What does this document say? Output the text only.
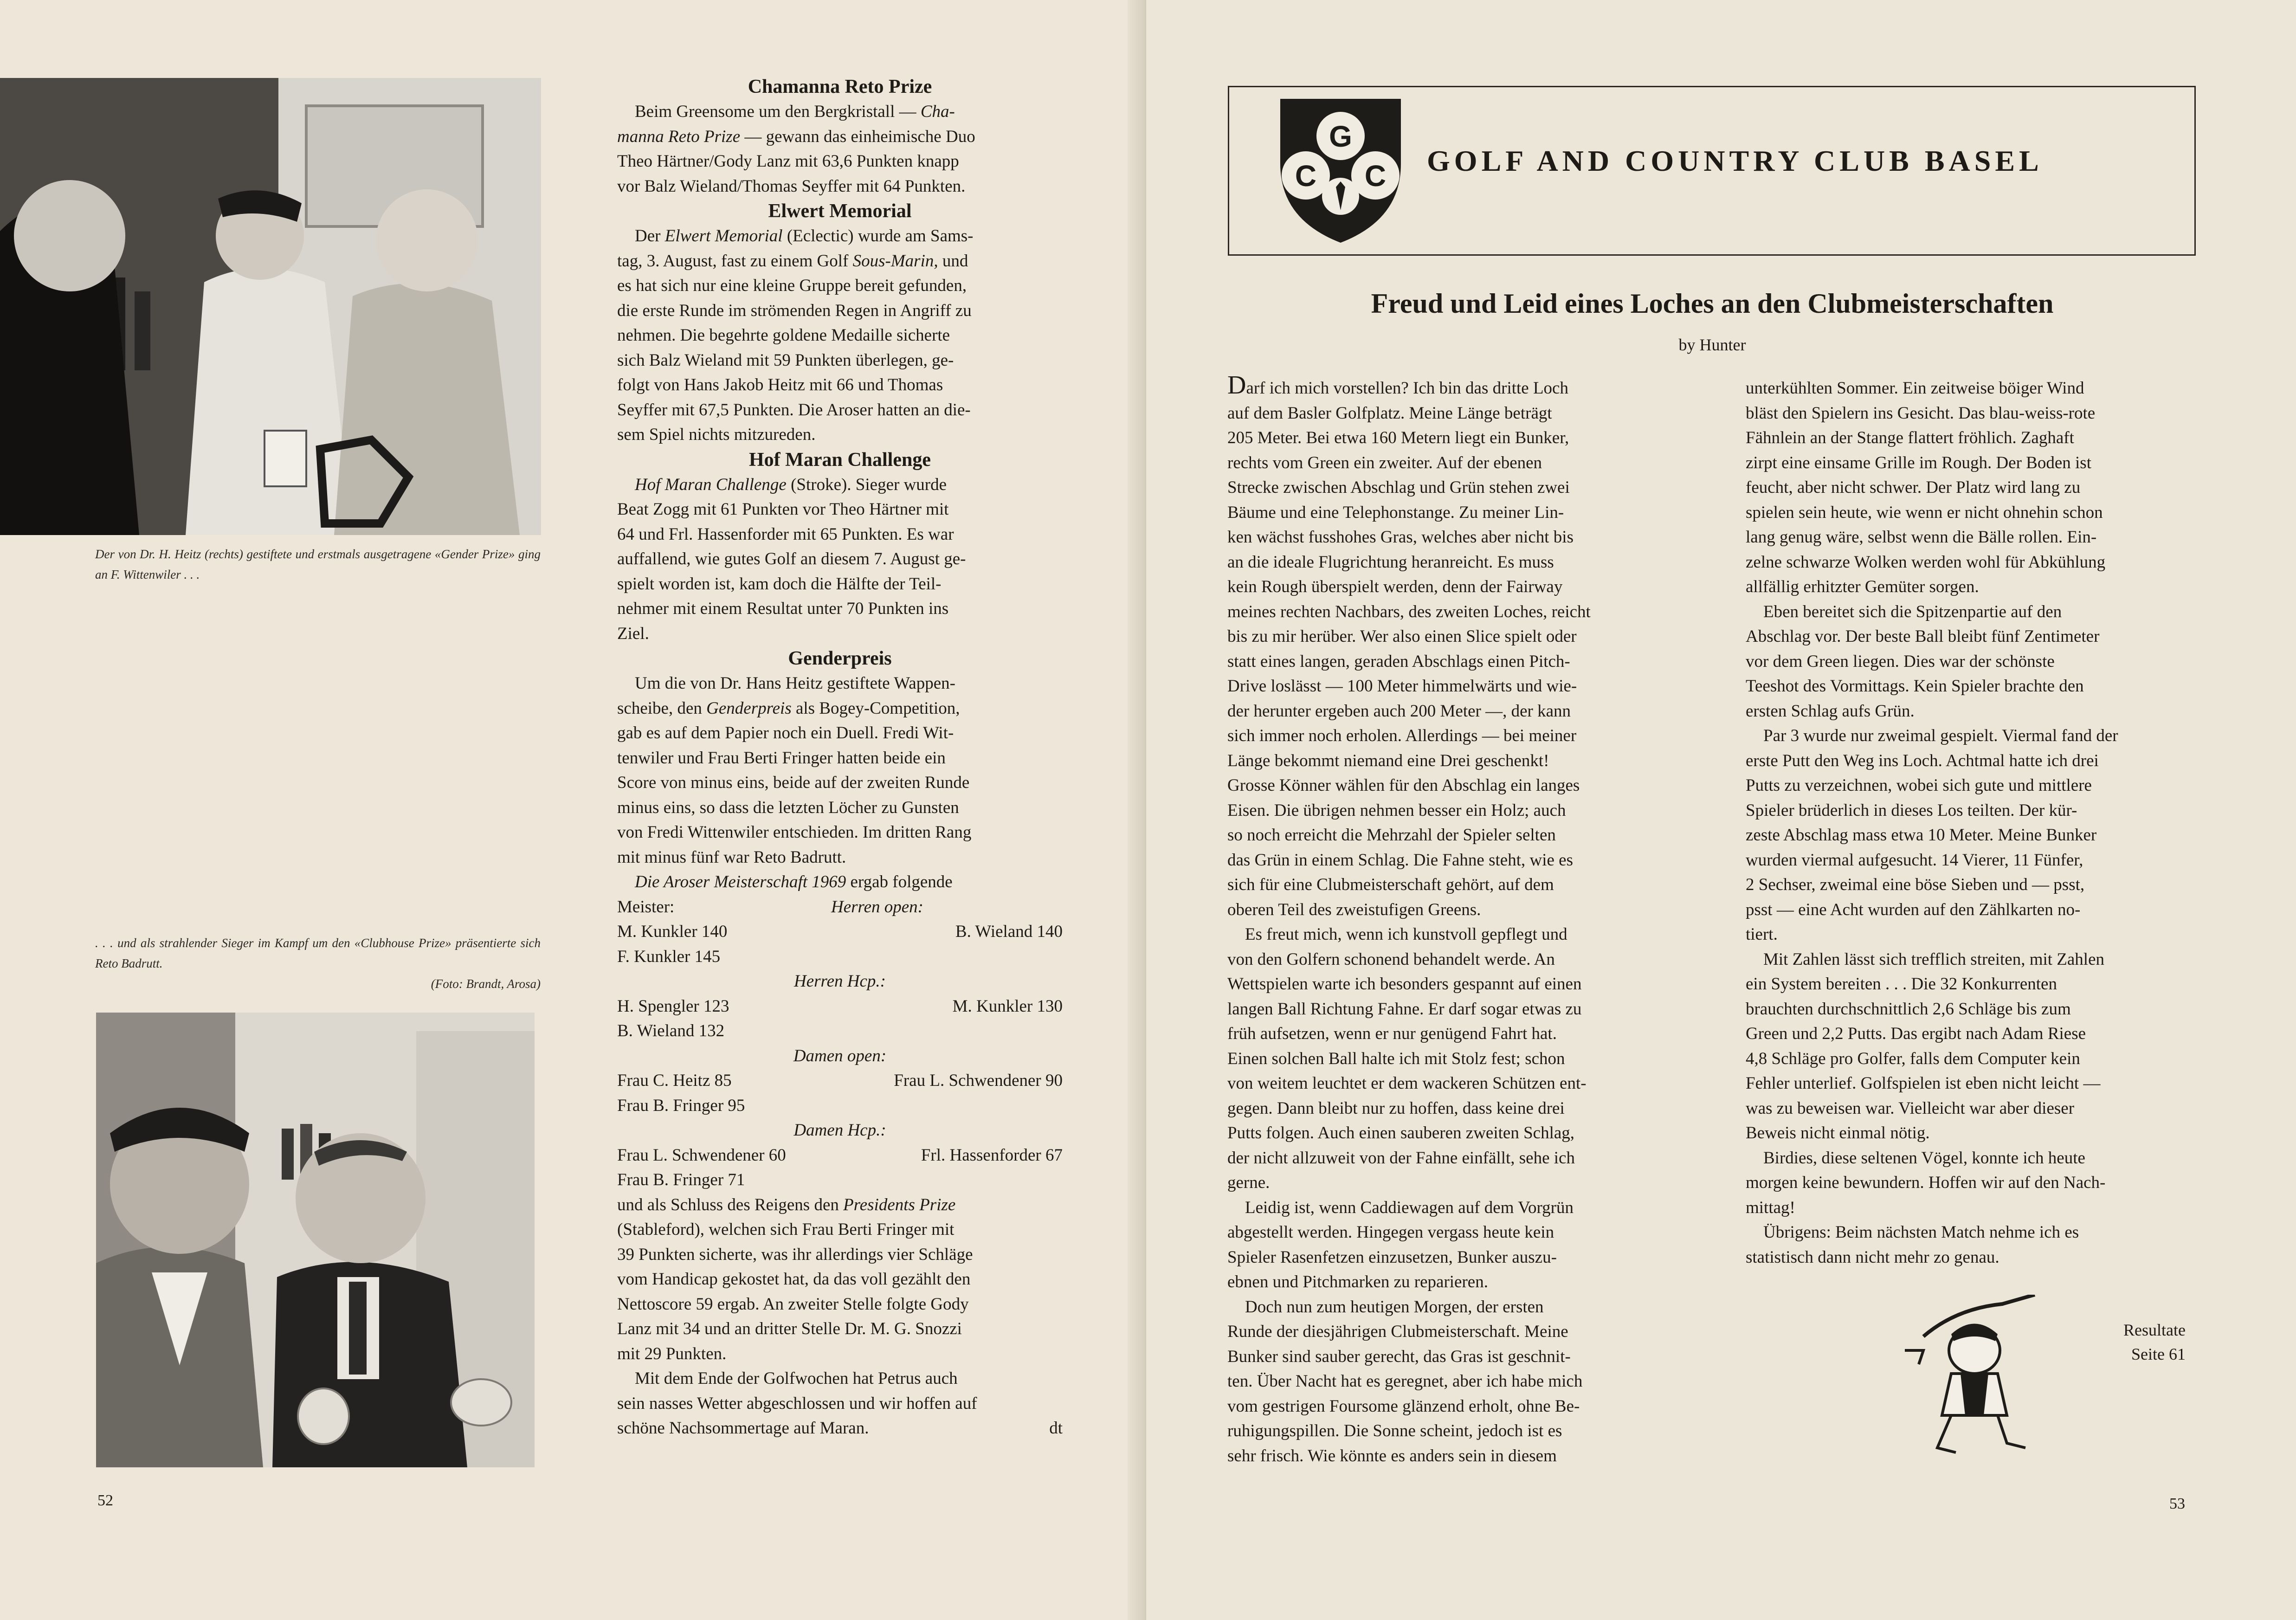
Der von Dr. H. Heitz (rechts) gestiftete und erstmals ausgetragene «Gender Prize» ging an F. Wittenwiler . . .
. . . und als strahlender Sieger im Kampf um den «Clubhouse Prize» präsentierte sich Reto Badrutt.
(Foto: Brandt, Arosa)
52
Chamanna Reto Prize

Beim Greensome um den Bergkristall — Cha-

manna Reto Prize — gewann das einheimische Duo

Theo Härtner/Gody Lanz mit 63,6 Punkten knapp

vor Balz Wieland/Thomas Seyffer mit 64 Punkten.

Elwert Memorial

Der Elwert Memorial (Eclectic) wurde am Sams-

tag, 3. August, fast zu einem Golf Sous-Marin, und

es hat sich nur eine kleine Gruppe bereit gefunden,

die erste Runde im strömenden Regen in Angriff zu

nehmen. Die begehrte goldene Medaille sicherte

sich Balz Wieland mit 59 Punkten überlegen, ge-

folgt von Hans Jakob Heitz mit 66 und Thomas

Seyffer mit 67,5 Punkten. Die Aroser hatten an die-

sem Spiel nichts mitzureden.

Hof Maran Challenge

Hof Maran Challenge (Stroke). Sieger wurde

Beat Zogg mit 61 Punkten vor Theo Härtner mit

64 und Frl. Hassenforder mit 65 Punkten. Es war

auffallend, wie gutes Golf an diesem 7. August ge-

spielt worden ist, kam doch die Hälfte der Teil-

nehmer mit einem Resultat unter 70 Punkten ins

Ziel.

Genderpreis

Um die von Dr. Hans Heitz gestiftete Wappen-

scheibe, den Genderpreis als Bogey-Competition,

gab es auf dem Papier noch ein Duell. Fredi Wit-

tenwiler und Frau Berti Fringer hatten beide ein

Score von minus eins, beide auf der zweiten Runde

minus eins, so dass die letzten Löcher zu Gunsten

von Fredi Wittenwiler entschieden. Im dritten Rang

mit minus fünf war Reto Badrutt.

Die Aroser Meisterschaft 1969 ergab folgende

Meister:	Herren open:
M. Kunkler 140	B. Wieland 140
F. Kunkler 145
Herren Hcp.:
H. Spengler 123	M. Kunkler 130
B. Wieland 132
Damen open:
Frau C. Heitz 85	Frau L. Schwendener 90
Frau B. Fringer 95
Damen Hcp.:
Frau L. Schwendener 60	Frl. Hassenforder 67
Frau B. Fringer 71

und als Schluss des Reigens den Presidents Prize

(Stableford), welchen sich Frau Berti Fringer mit

39 Punkten sicherte, was ihr allerdings vier Schläge

vom Handicap gekostet hat, da das voll gezählt den

Nettoscore 59 ergab. An zweiter Stelle folgte Gody

Lanz mit 34 und an dritter Stelle Dr. M. G. Snozzi

mit 29 Punkten.

Mit dem Ende der Golfwochen hat Petrus auch

sein nasses Wetter abgeschlossen und wir hoffen auf

schöne Nachsommertage auf Maran.	dt
G
C C GOLF AND COUNTRY CLUB BASEL
Freud und Leid eines Loches an den Clubmeisterschaften
by Hunter

Darf ich mich vorstellen? Ich bin das dritte Loch

auf dem Basler Golfplatz. Meine Länge beträgt

205 Meter. Bei etwa 160 Metern liegt ein Bunker,

rechts vom Green ein zweiter. Auf der ebenen

Strecke zwischen Abschlag und Grün stehen zwei

Bäume und eine Telephonstange. Zu meiner Lin-

ken wächst fusshohes Gras, welches aber nicht bis

an die ideale Flugrichtung heranreicht. Es muss

kein Rough überspielt werden, denn der Fairway

meines rechten Nachbars, des zweiten Loches, reicht

bis zu mir herüber. Wer also einen Slice spielt oder

statt eines langen, geraden Abschlags einen Pitch-

Drive loslässt — 100 Meter himmelwärts und wie-

der herunter ergeben auch 200 Meter —, der kann

sich immer noch erholen. Allerdings — bei meiner

Länge bekommt niemand eine Drei geschenkt!

Grosse Könner wählen für den Abschlag ein langes

Eisen. Die übrigen nehmen besser ein Holz; auch

so noch erreicht die Mehrzahl der Spieler selten

das Grün in einem Schlag. Die Fahne steht, wie es

sich für eine Clubmeisterschaft gehört, auf dem

oberen Teil des zweistufigen Greens.

Es freut mich, wenn ich kunstvoll gepflegt und

von den Golfern schonend behandelt werde. An

Wettspielen warte ich besonders gespannt auf einen

langen Ball Richtung Fahne. Er darf sogar etwas zu

früh aufsetzen, wenn er nur genügend Fahrt hat.

Einen solchen Ball halte ich mit Stolz fest; schon

von weitem leuchtet er dem wackeren Schützen ent-

gegen. Dann bleibt nur zu hoffen, dass keine drei

Putts folgen. Auch einen sauberen zweiten Schlag,

der nicht allzuweit von der Fahne einfällt, sehe ich

gerne.

Leidig ist, wenn Caddiewagen auf dem Vorgrün

abgestellt werden. Hingegen vergass heute kein

Spieler Rasenfetzen einzusetzen, Bunker auszu-

ebnen und Pitchmarken zu reparieren.

Doch nun zum heutigen Morgen, der ersten

Runde der diesjährigen Clubmeisterschaft. Meine

Bunker sind sauber gerecht, das Gras ist geschnit-

ten. Über Nacht hat es geregnet, aber ich habe mich

vom gestrigen Foursome glänzend erholt, ohne Be-

ruhigungspillen. Die Sonne scheint, jedoch ist es

sehr frisch. Wie könnte es anders sein in diesem

unterkühlten Sommer. Ein zeitweise böiger Wind

bläst den Spielern ins Gesicht. Das blau-weiss-rote

Fähnlein an der Stange flattert fröhlich. Zaghaft

zirpt eine einsame Grille im Rough. Der Boden ist

feucht, aber nicht schwer. Der Platz wird lang zu

spielen sein heute, wie wenn er nicht ohnehin schon

lang genug wäre, selbst wenn die Bälle rollen. Ein-

zelne schwarze Wolken werden wohl für Abkühlung

allfällig erhitzter Gemüter sorgen.

Eben bereitet sich die Spitzenpartie auf den

Abschlag vor. Der beste Ball bleibt fünf Zentimeter

vor dem Green liegen. Dies war der schönste

Teeshot des Vormittags. Kein Spieler brachte den

ersten Schlag aufs Grün.

Par 3 wurde nur zweimal gespielt. Viermal fand der

erste Putt den Weg ins Loch. Achtmal hatte ich drei

Putts zu verzeichnen, wobei sich gute und mittlere

Spieler brüderlich in dieses Los teilten. Der kür-

zeste Abschlag mass etwa 10 Meter. Meine Bunker

wurden viermal aufgesucht. 14 Vierer, 11 Fünfer,

2 Sechser, zweimal eine böse Sieben und — psst,

psst — eine Acht wurden auf den Zählkarten no-

tiert.

Mit Zahlen lässt sich trefflich streiten, mit Zahlen

ein System bereiten . . . Die 32 Konkurrenten

brauchten durchschnittlich 2,6 Schläge bis zum

Green und 2,2 Putts. Das ergibt nach Adam Riese

4,8 Schläge pro Golfer, falls dem Computer kein

Fehler unterlief. Golfspielen ist eben nicht leicht —

was zu beweisen war. Vielleicht war aber dieser

Beweis nicht einmal nötig.

Birdies, diese seltenen Vögel, konnte ich heute

morgen keine bewundern. Hoffen wir auf den Nach-

mittag!

Übrigens: Beim nächsten Match nehme ich es

statistisch dann nicht mehr zo genau.

Resultate
Seite 61
53
